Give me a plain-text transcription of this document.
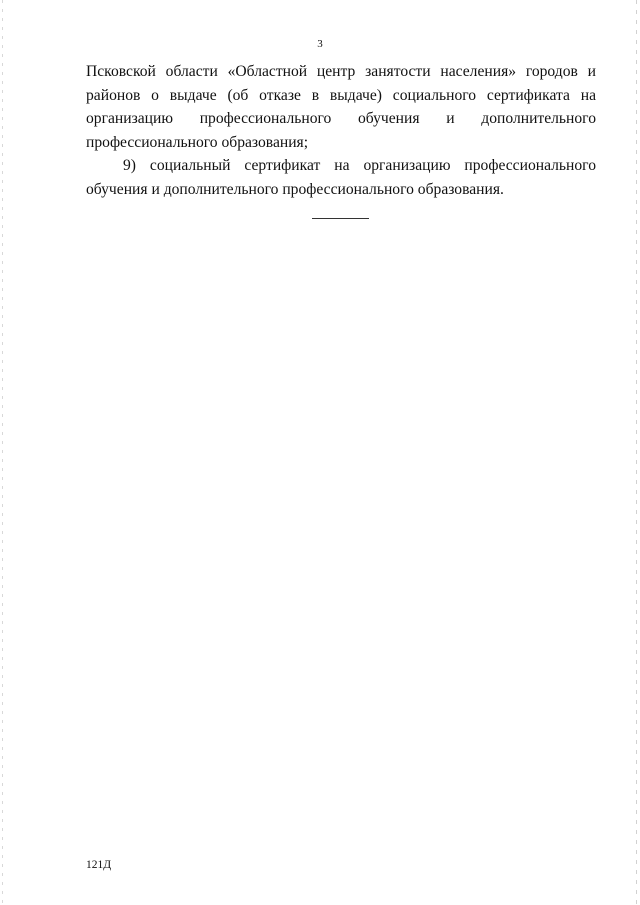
3

Псковской области «Областной центр занятости населения» городов и
районов о выдаче (об отказе в выдаче) социального сертификата на
организацию профессионального обучения и дополнительного
профессионального образования;

9) социальный сертификат на организацию профессионального
обучения и дополнительного профессионального образования.

121Д
